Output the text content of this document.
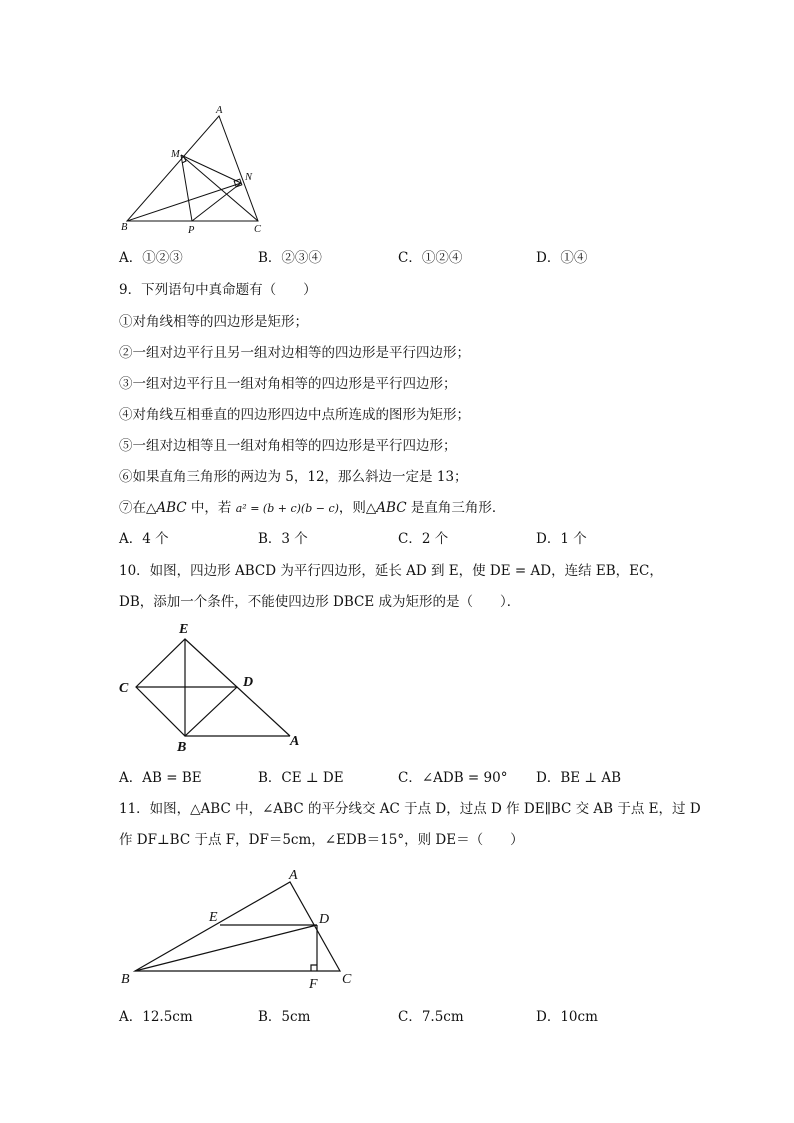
A
M
N
B	P	C
A．①②③	B．②③④	C．①②④	D．①④
9．下列语句中真命题有（　　）
①对角线相等的四边形是矩形；
②一组对边平行且另一组对边相等的四边形是平行四边形；
③一组对边平行且一组对角相等的四边形是平行四边形；
④对角线互相垂直的四边形四边中点所连成的图形为矩形；
⑤一组对边相等且一组对角相等的四边形是平行四边形；
⑥如果直角三角形的两边为 5，12，那么斜边一定是 13；
⑦在△ABC 中，若 a² = (b + c)(b − c)，则△ABC 是直角三角形．
A．4 个	B．3 个	C．2 个	D．1 个
10．如图，四边形 ABCD 为平行四边形，延长 AD 到 E，使 DE = AD，连结 EB，EC，
DB，添加一个条件，不能使四边形 DBCE 成为矩形的是（　　）．
E
C	D
B	A
A．AB = BE	B．CE ⊥ DE	C．∠ADB = 90° D．BE ⊥ AB
11．如图，△ABC 中，∠ABC 的平分线交 AC 于点 D，过点 D 作 DE∥BC 交 AB 于点 E，过 D
作 DF⊥BC 于点 F，DF＝5cm，∠EDB＝15°，则 DE＝（　　）
A
E	D
B	F C
A．12.5cm	B．5cm	C．7.5cm	D．10cm
